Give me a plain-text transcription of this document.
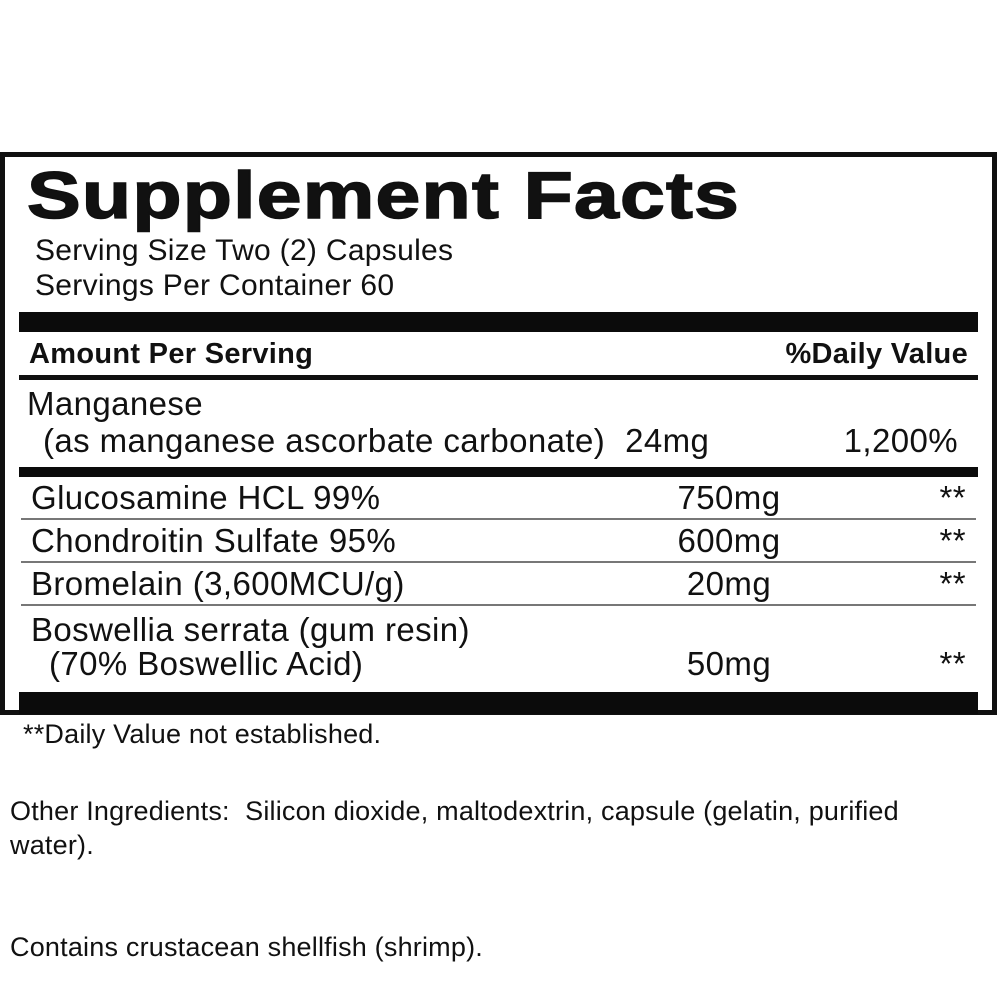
Supplement Facts
Serving Size Two (2) Capsules
Servings Per Container 60
Amount Per Serving	%Daily Value
Manganese
(as manganese ascorbate carbonate) 24mg	1,200%
Glucosamine HCL 99%	750mg	**
Chondroitin Sulfate 95%	600mg	**
Bromelain (3,600MCU/g)	20mg	**
Boswellia serrata (gum resin)
(70% Boswellic Acid)	50mg	**
**Daily Value not established.

Other Ingredients:  Silicon dioxide, maltodextrin, capsule (gelatin, purified water).

Contains crustacean shellfish (shrimp).
